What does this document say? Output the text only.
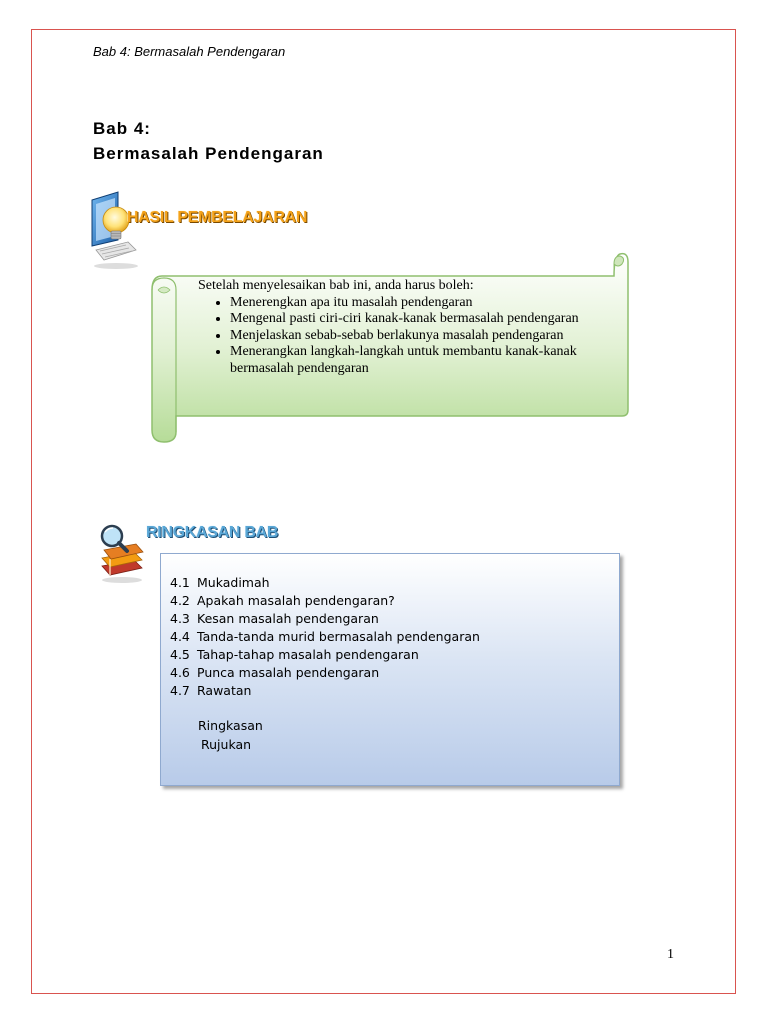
Bab 4: Bermasalah Pendengaran
Bab 4:
Bermasalah Pendengaran
HASIL PEMBELAJARAN
Setelah menyelesaikan bab ini, anda harus boleh:
• Menerengkan apa itu masalah pendengaran
• Mengenal pasti ciri-ciri kanak-kanak bermasalah pendengaran
• Menjelaskan sebab-sebab berlakunya masalah pendengaran
• Menerangkan langkah-langkah untuk membantu kanak-kanak bermasalah pendengaran
RINGKASAN BAB
4.1 Mukadimah
4.2 Apakah masalah pendengaran?
4.3 Kesan masalah pendengaran
4.4 Tanda-tanda murid bermasalah pendengaran
4.5 Tahap-tahap masalah pendengaran
4.6 Punca masalah pendengaran
4.7 Rawatan
Ringkasan
Rujukan
1
